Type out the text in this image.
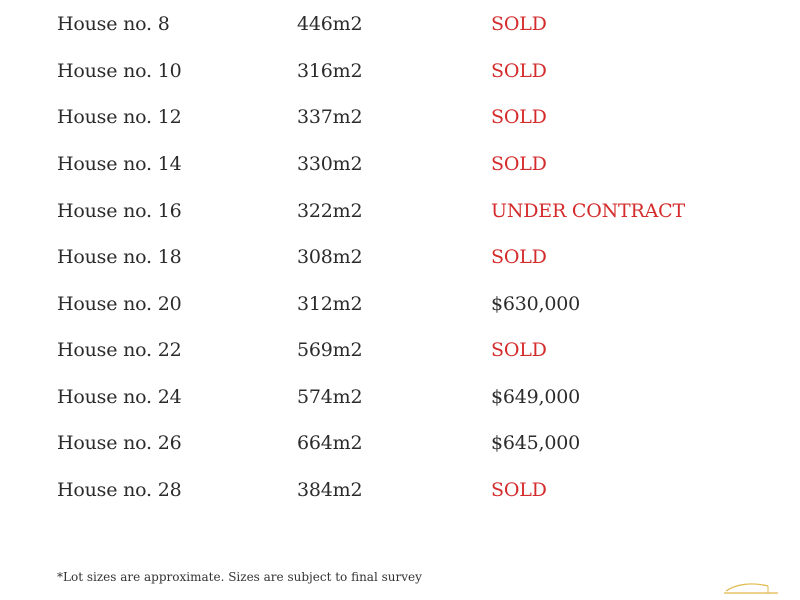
House no. 8	446m2	SOLD
House no. 10	316m2	SOLD
House no. 12	337m2	SOLD
House no. 14	330m2	SOLD
House no. 16	322m2	UNDER CONTRACT
House no. 18	308m2	SOLD
House no. 20	312m2	$630,000
House no. 22	569m2	SOLD
House no. 24	574m2	$649,000
House no. 26	664m2	$645,000
House no. 28	384m2	SOLD
*Lot sizes are approximate. Sizes are subject to final survey
